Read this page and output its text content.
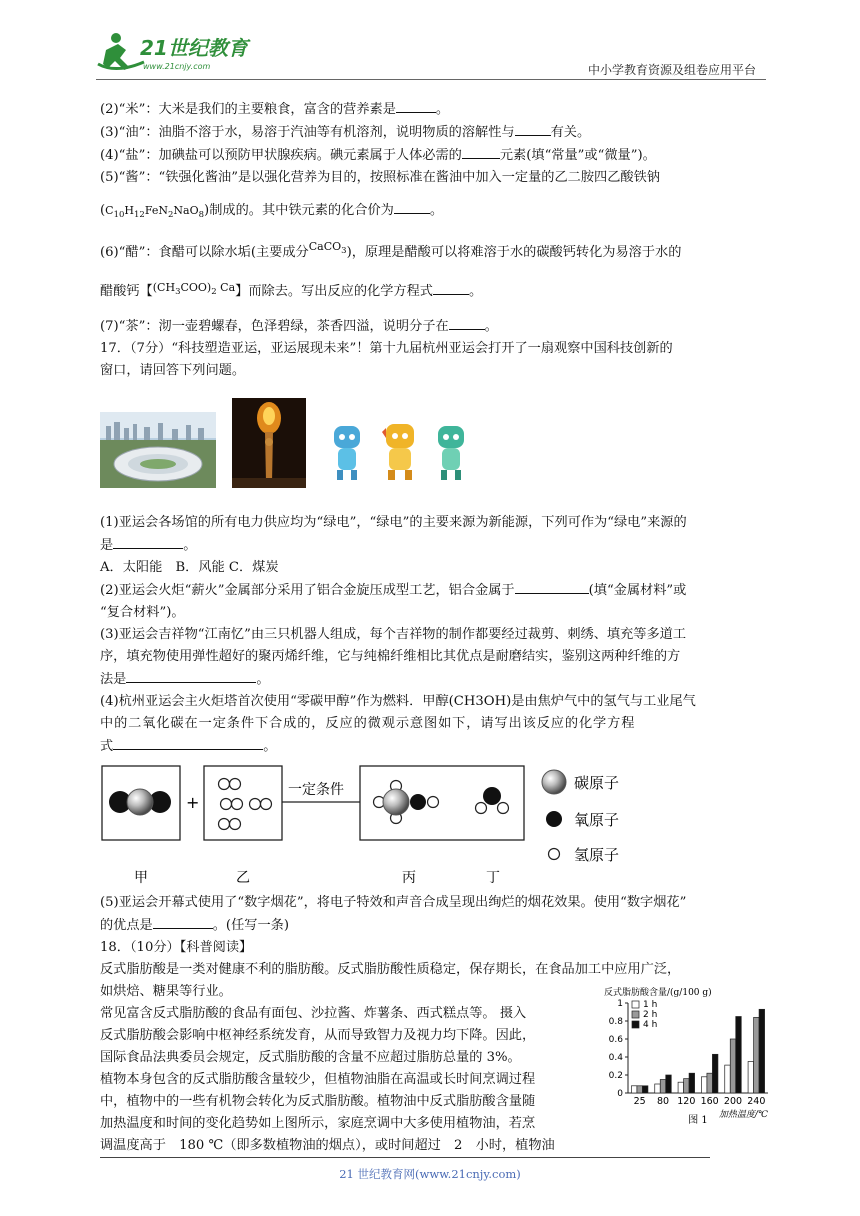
21世纪教育
www.21cnjy.com	中小学教育资源及组卷应用平台
(2)“米”：大米是我们的主要粮食，富含的营养素是	。
(3)“油”：油脂不溶于水，易溶于汽油等有机溶剂，说明物质的溶解性与	有关。
(4)“盐”：加碘盐可以预防甲状腺疾病。碘元素属于人体必需的	元素(填“常量”或“微量”)。
(5)“酱”：“铁强化酱油”是以强化营养为目的，按照标准在酱油中加入一定量的乙二胺四乙酸铁钠
$(C_{10}H_{12}FeN_2NaO_8)$制成的。其中铁元素的化合价为	。
(6)“醋”：食醋可以除水垢(主要成分$^{CaCO_3}$)，原理是醋酸可以将难溶于水的碳酸钙转化为易溶于水的
醋酸钙【$^{(CH_3COO)_2 Ca}$】而除去。写出反应的化学方程式	。
(7)“茶”：沏一壶碧螺春，色泽碧绿，茶香四溢，说明分子在	。
17．（7分）“科技塑造亚运，亚运展现未来”！第十九届杭州亚运会打开了一扇观察中国科技创新的
窗口，请回答下列问题。
(1)亚运会各场馆的所有电力供应均为“绿电”，“绿电”的主要来源为新能源，下列可作为“绿电”来源的
是	。
A．太阳能　B．风能 C．煤炭
(2)亚运会火炬“薪火”金属部分采用了铝合金旋压成型工艺，铝合金属于	(填“金属材料”或
“复合材料”)。
(3)亚运会吉祥物“江南忆”由三只机器人组成，每个吉祥物的制作都要经过裁剪、刺绣、填充等多道工
序，填充物使用弹性超好的聚丙烯纤维，它与纯棉纤维相比其优点是耐磨结实，鉴别这两种纤维的方
法是	。
(4)杭州亚运会主火炬塔首次使用“零碳甲醇”作为燃料．甲醇(CH3OH)是由焦炉气中的氢气与工业尾气
中的二氧化碳在一定条件下合成的，反应的微观示意图如下，请写出该反应的化学方程
式	。
+
一定条件
甲	乙	丙	丁
碳原子
氧原子
氢原子
(5)亚运会开幕式使用了“数字烟花”，将电子特效和声音合成呈现出绚烂的烟花效果。使用“数字烟花”
的优点是	。(任写一条)
18．（10分）【科普阅读】
反式脂肪酸是一类对健康不利的脂肪酸。反式脂肪酸性质稳定，保存期长，在食品加工中应用广泛，
如烘焙、糖果等行业。
常见富含反式脂肪酸的食品有面包、沙拉酱、炸薯条、西式糕点等。 摄入
反式脂肪酸会影响中枢神经系统发育，从而导致智力及视力均下降。因此，
国际食品法典委员会规定，反式脂肪酸的含量不应超过脂肪总量的 3%。
植物本身包含的反式脂肪酸含量较少，但植物油脂在高温或长时间烹调过程
中，植物中的一些有机物会转化为反式脂肪酸。植物油中反式脂肪酸含量随
加热温度和时间的变化趋势如上图所示，家庭烹调中大多使用植物油，若烹
调温度高于　180 ℃（即多数植物油的烟点），或时间超过　2　小时，植物油
反式脂肪酸含量/(g/100 g)
0
0.2
0.4
0.6
0.8
1
25 80 120 160 200 240
1 h
2 h
4 h
加热温度/℃
图 1
21 世纪教育网(www.21cnjy.com)
